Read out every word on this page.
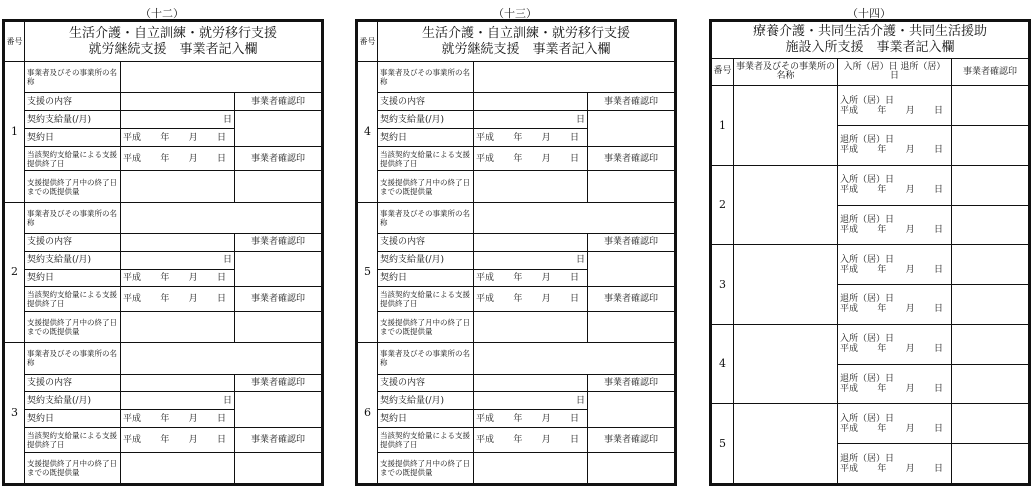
（十二）
番号	生活介護・自立訓練・就労移行支援
就労継続支援　事業者記入欄		
1	事業者及びその事業所の名称		
	支援の内容		事業者確認印
	契約支給量(/月)	日	
	契約日	平成 年 月 日	

	当該契約支給量による支援提供終了日	平成 年 月 日	事業者確認印
	支援提供終了月中の終了日までの既提供量		
2	事業者及びその事業所の名称		
	支援の内容		事業者確認印
	契約支給量(/月)	日	
	契約日	平成 年 月 日	

	当該契約支給量による支援提供終了日	平成 年 月 日	事業者確認印
	支援提供終了月中の終了日までの既提供量		
3	事業者及びその事業所の名称		
	支援の内容		事業者確認印
	契約支給量(/月)	日	
	契約日	平成 年 月 日	

	当該契約支給量による支援提供終了日	平成 年 月 日	事業者確認印
	支援提供終了月中の終了日までの既提供量		
（十三）
番号	生活介護・自立訓練・就労移行支援
就労継続支援　事業者記入欄		
4	事業者及びその事業所の名称		
	支援の内容		事業者確認印
	契約支給量(/月)	日	
	契約日	平成 年 月 日	

	当該契約支給量による支援提供終了日	平成 年 月 日	事業者確認印
	支援提供終了月中の終了日までの既提供量		
5	事業者及びその事業所の名称		
	支援の内容		事業者確認印
	契約支給量(/月)	日	
	契約日	平成 年 月 日	

	当該契約支給量による支援提供終了日	平成 年 月 日	事業者確認印
	支援提供終了月中の終了日までの既提供量		
6	事業者及びその事業所の名称		
	支援の内容		事業者確認印
	契約支給量(/月)	日	
	契約日	平成 年 月 日	

	当該契約支給量による支援提供終了日	平成 年 月 日	事業者確認印
	支援提供終了月中の終了日までの既提供量		
（十四）
療養介護・共同生活介護・共同生活援助
施設入所支援　事業者記入欄			
番号	事業者及びその事業所の名称	入所（居）日 退所（居）日	事業者確認印
1		入所（居）日
平成 年 月 日	

		退所（居）日
平成 年 月 日	

2		入所（居）日
平成 年 月 日	

		退所（居）日
平成 年 月 日	

3		入所（居）日
平成 年 月 日	

		退所（居）日
平成 年 月 日	

4		入所（居）日
平成 年 月 日	

		退所（居）日
平成 年 月 日	

5		入所（居）日
平成 年 月 日	

		退所（居）日
平成 年 月 日	
